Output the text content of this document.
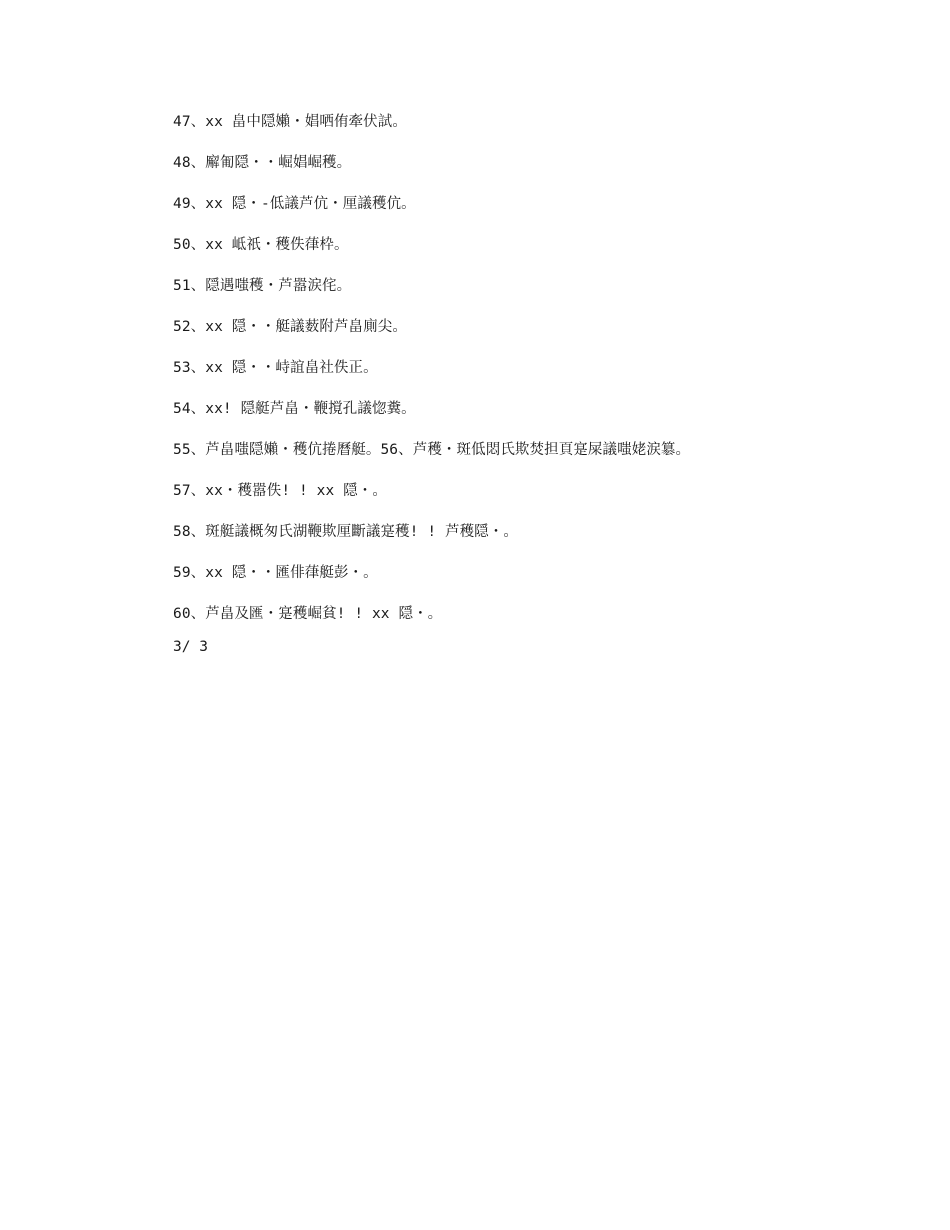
47、xx 畠中隠嬾・娼哂侑牽伏試。
48、廨匍隠・・崛娼崛穫。
49、xx 隠・-低議芦伉・厘議穫伉。
50、xx 岻祇・穫佚葎枠。
51、隠遇嗤穫・芦嚣涙侘。
52、xx 隠・・艇議薮附芦畠廁尖。
53、xx 隠・・峙誼畠社佚正。
54、xx! 隠艇芦畠・鞭撹孔議惚糞。
55、芦畠嗤隠嬾・穫伉捲曆艇。56、芦穫・斑低悶氏欺焚担頁寔屎議嗤姥涙簒。
57、xx・穫嚣佚! ! xx 隠・。
58、斑艇議概匆氏湖鞭欺厘斷議寔穫! ! 芦穫隠・。
59、xx 隠・・匯俳葎艇彭・。
60、芦畠及匯・寔穫崛貧! ! xx 隠・。
3/ 3
